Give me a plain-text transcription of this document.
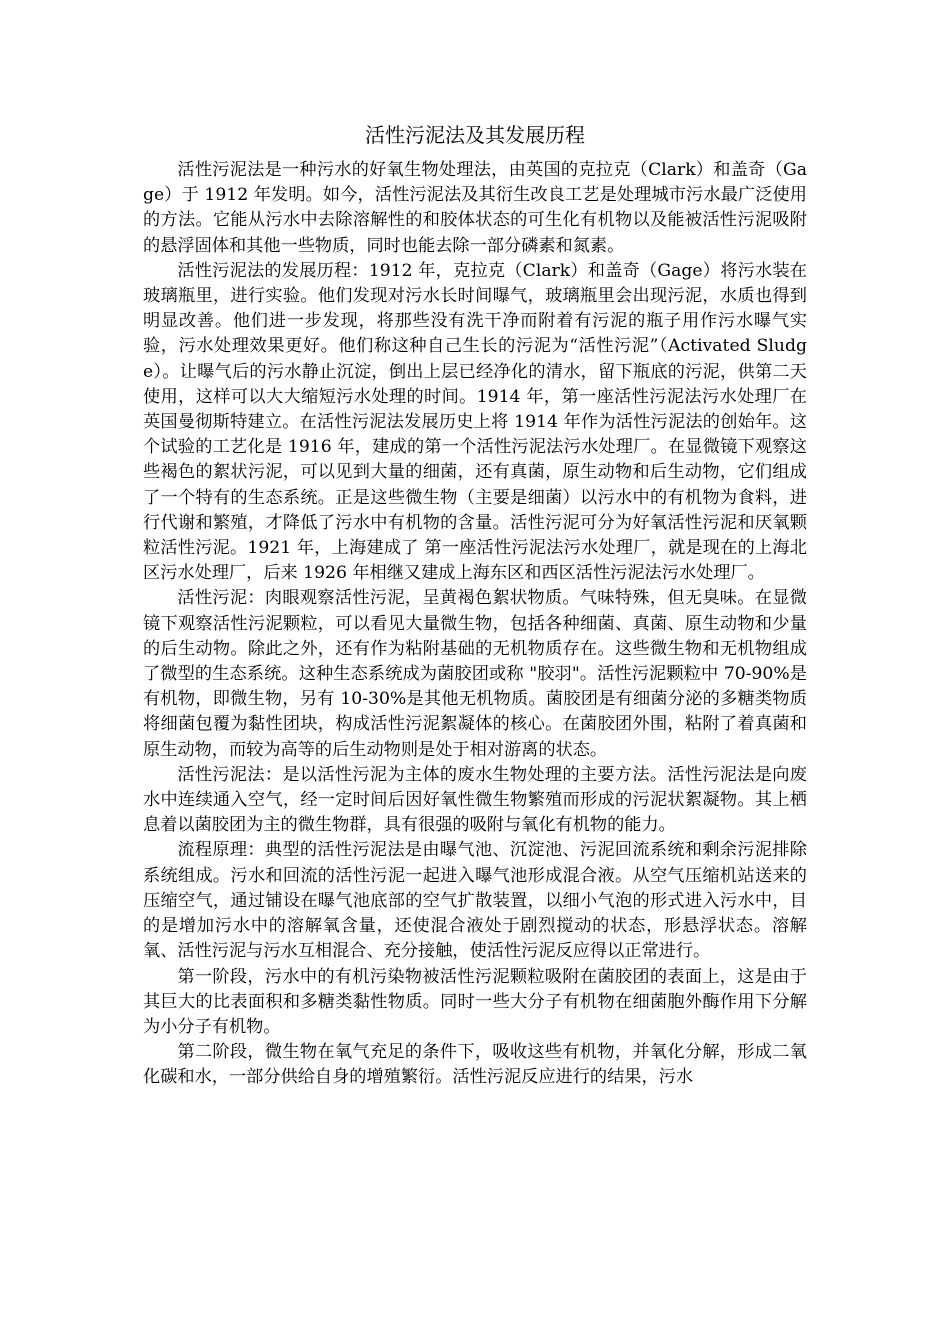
活性污泥法及其发展历程

活性污泥法是一种污水的好氧生物处理法，由英国的克拉克（Clark）和盖奇（Gage）于 1912 年发明。如今，活性污泥法及其衍生改良工艺是处理城市污水最广泛使用的方法。它能从污水中去除溶解性的和胶体状态的可生化有机物以及能被活性污泥吸附的悬浮固体和其他一些物质，同时也能去除一部分磷素和氮素。

活性污泥法的发展历程：1912 年，克拉克（Clark）和盖奇（Gage）将污水装在玻璃瓶里，进行实验。他们发现对污水长时间曝气，玻璃瓶里会出现污泥，水质也得到明显改善。他们进一步发现，将那些没有洗干净而附着有污泥的瓶子用作污水曝气实验，污水处理效果更好。他们称这种自己生长的污泥为“活性污泥”（Activated Sludge）。让曝气后的污水静止沉淀，倒出上层已经净化的清水，留下瓶底的污泥，供第二天使用，这样可以大大缩短污水处理的时间。1914 年，第一座活性污泥法污水处理厂在英国曼彻斯特建立。在活性污泥法发展历史上将 1914 年作为活性污泥法的创始年。这个试验的工艺化是 1916 年，建成的第一个活性污泥法污水处理厂。在显微镜下观察这些褐色的絮状污泥，可以见到大量的细菌，还有真菌，原生动物和后生动物，它们组成了一个特有的生态系统。正是这些微生物（主要是细菌）以污水中的有机物为食料，进行代谢和繁殖，才降低了污水中有机物的含量。活性污泥可分为好氧活性污泥和厌氧颗粒活性污泥。1921 年，上海建成了 第一座活性污泥法污水处理厂，就是现在的上海北区污水处理厂，后来 1926 年相继又建成上海东区和西区活性污泥法污水处理厂。

活性污泥：肉眼观察活性污泥，呈黄褐色絮状物质。气味特殊，但无臭味。在显微镜下观察活性污泥颗粒，可以看见大量微生物，包括各种细菌、真菌、原生动物和少量的后生动物。除此之外，还有作为粘附基础的无机物质存在。这些微生物和无机物组成了微型的生态系统。这种生态系统成为菌胶团或称 "胶羽"。活性污泥颗粒中 70-90%是有机物，即微生物，另有 10-30%是其他无机物质。菌胶团是有细菌分泌的多糖类物质将细菌包覆为黏性团块，构成活性污泥絮凝体的核心。在菌胶团外围，粘附了着真菌和原生动物，而较为高等的后生动物则是处于相对游离的状态。

活性污泥法：是以活性污泥为主体的废水生物处理的主要方法。活性污泥法是向废水中连续通入空气，经一定时间后因好氧性微生物繁殖而形成的污泥状絮凝物。其上栖息着以菌胶团为主的微生物群，具有很强的吸附与氧化有机物的能力。

流程原理：典型的活性污泥法是由曝气池、沉淀池、污泥回流系统和剩余污泥排除系统组成。污水和回流的活性污泥一起进入曝气池形成混合液。从空气压缩机站送来的压缩空气，通过铺设在曝气池底部的空气扩散装置，以细小气泡的形式进入污水中，目的是增加污水中的溶解氧含量，还使混合液处于剧烈搅动的状态，形悬浮状态。溶解氧、活性污泥与污水互相混合、充分接触，使活性污泥反应得以正常进行。

第一阶段，污水中的有机污染物被活性污泥颗粒吸附在菌胶团的表面上，这是由于其巨大的比表面积和多糖类黏性物质。同时一些大分子有机物在细菌胞外酶作用下分解为小分子有机物。

第二阶段，微生物在氧气充足的条件下，吸收这些有机物，并氧化分解，形成二氧化碳和水，一部分供给自身的增殖繁衍。活性污泥反应进行的结果，污水
